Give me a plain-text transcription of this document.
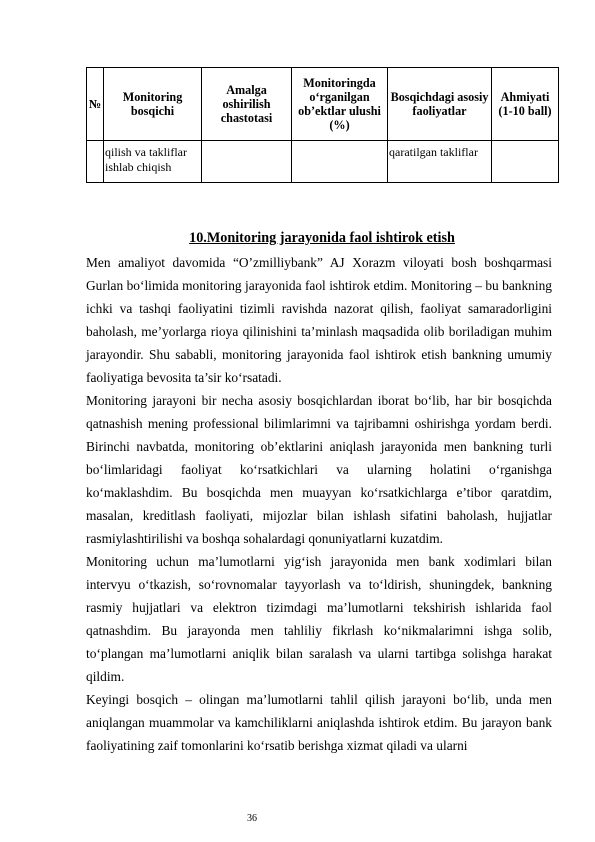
№	Monitoring bosqichi	Amalga oshirilish chastotasi	Monitoringda o‘rganilgan ob’ektlar ulushi (%)	Bosqichdagi asosiy faoliyatlar	Ahmiyati (1-10 ball)
	qilish va takliflar ishlab chiqish			qaratilgan takliflar	
10.Monitoring jarayonida faol ishtirok etish

Men amaliyot davomida “O’zmilliybank” AJ Xorazm viloyati bosh boshqarmasi Gurlan bo‘limida monitoring jarayonida faol ishtirok etdim. Monitoring – bu bankning ichki va tashqi faoliyatini tizimli ravishda nazorat qilish, faoliyat samaradorligini baholash, me’yorlarga rioya qilinishini ta’minlash maqsadida olib boriladigan muhim jarayondir. Shu sababli, monitoring jarayonida faol ishtirok etish bankning umumiy faoliyatiga bevosita ta’sir ko‘rsatadi.

Monitoring jarayoni bir necha asosiy bosqichlardan iborat bo‘lib, har bir bosqichda qatnashish mening professional bilimlarimni va tajribamni oshirishga yordam berdi. Birinchi navbatda, monitoring ob’ektlarini aniqlash jarayonida men bankning turli bo‘limlaridagi faoliyat ko‘rsatkichlari va ularning holatini o‘rganishga ko‘maklashdim. Bu bosqichda men muayyan ko‘rsatkichlarga e’tibor qaratdim, masalan, kreditlash faoliyati, mijozlar bilan ishlash sifatini baholash, hujjatlar rasmiylashtirilishi va boshqa sohalardagi qonuniyatlarni kuzatdim.

Monitoring uchun ma’lumotlarni yig‘ish jarayonida men bank xodimlari bilan intervyu o‘tkazish, so‘rovnomalar tayyorlash va to‘ldirish, shuningdek, bankning rasmiy hujjatlari va elektron tizimdagi ma’lumotlarni tekshirish ishlarida faol qatnashdim. Bu jarayonda men tahliliy fikrlash ko‘nikmalarimni ishga solib, to‘plangan ma’lumotlarni aniqlik bilan saralash va ularni tartibga solishga harakat qildim.

Keyingi bosqich – olingan ma’lumotlarni tahlil qilish jarayoni bo‘lib, unda men aniqlangan muammolar va kamchiliklarni aniqlashda ishtirok etdim. Bu jarayon bank faoliyatining zaif tomonlarini ko‘rsatib berishga xizmat qiladi va ularni

36
